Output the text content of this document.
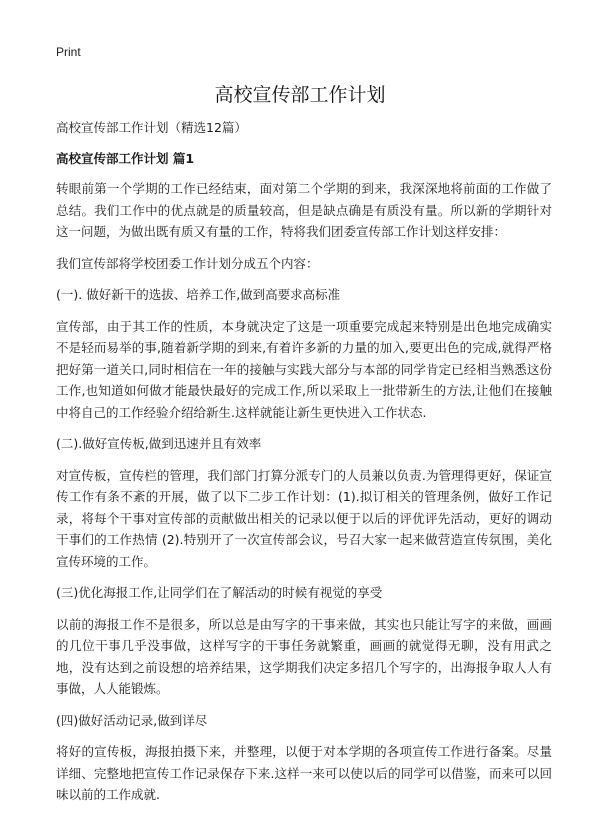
Print
高校宣传部工作计划

高校宣传部工作计划（精选12篇）

高校宣传部工作计划 篇1

转眼前第一个学期的工作已经结束，面对第二个学期的到来，我深深地将前面的工作做了总结。我们工作中的优点就是的质量较高，但是缺点确是有质没有量。所以新的学期针对这一问题，为做出既有质又有量的工作，特将我们团委宣传部工作计划这样安排：

我们宣传部将学校团委工作计划分成五个内容：

(一). 做好新干的选拔、培养工作,做到高要求高标准

宣传部，由于其工作的性质，本身就决定了这是一项重要完成起来特别是出色地完成确实不是轻而易举的事,随着新学期的到来,有着许多新的力量的加入,要更出色的完成,就得严格把好第一道关口,同时相信在一年的接触与实践大部分与本部的同学肯定已经相当熟悉这份工作,也知道如何做才能最快最好的完成工作,所以采取上一批带新生的方法,让他们在接触中将自己的工作经验介绍给新生.这样就能让新生更快进入工作状态.

(二).做好宣传板,做到迅速并且有效率

对宣传板，宣传栏的管理，我们部门打算分派专门的人员兼以负责.为管理得更好，保证宣传工作有条不紊的开展，做了以下二步工作计划：(1).拟订相关的管理条例，做好工作记录，将每个干事对宣传部的贡献做出相关的记录以便于以后的评优评先活动，更好的调动干事们的工作热情 (2).特别开了一次宣传部会议，号召大家一起来做营造宣传氛围，美化宣传环境的工作。

(三)优化海报工作,让同学们在了解活动的时候有视觉的享受

以前的海报工作不是很多，所以总是由写字的干事来做，其实也只能让写字的来做，画画的几位干事几乎没事做，这样写字的干事任务就繁重，画画的就觉得无聊，没有用武之地，没有达到之前设想的培养结果，这学期我们决定多招几个写字的，出海报争取人人有事做，人人能锻炼。

(四)做好活动记录,做到详尽

将好的宣传板，海报拍摄下来，并整理，以便于对本学期的各项宣传工作进行备案。尽量详细、完整地把宣传工作记录保存下来.这样一来可以使以后的同学可以借鉴，而来可以回味以前的工作成就.
